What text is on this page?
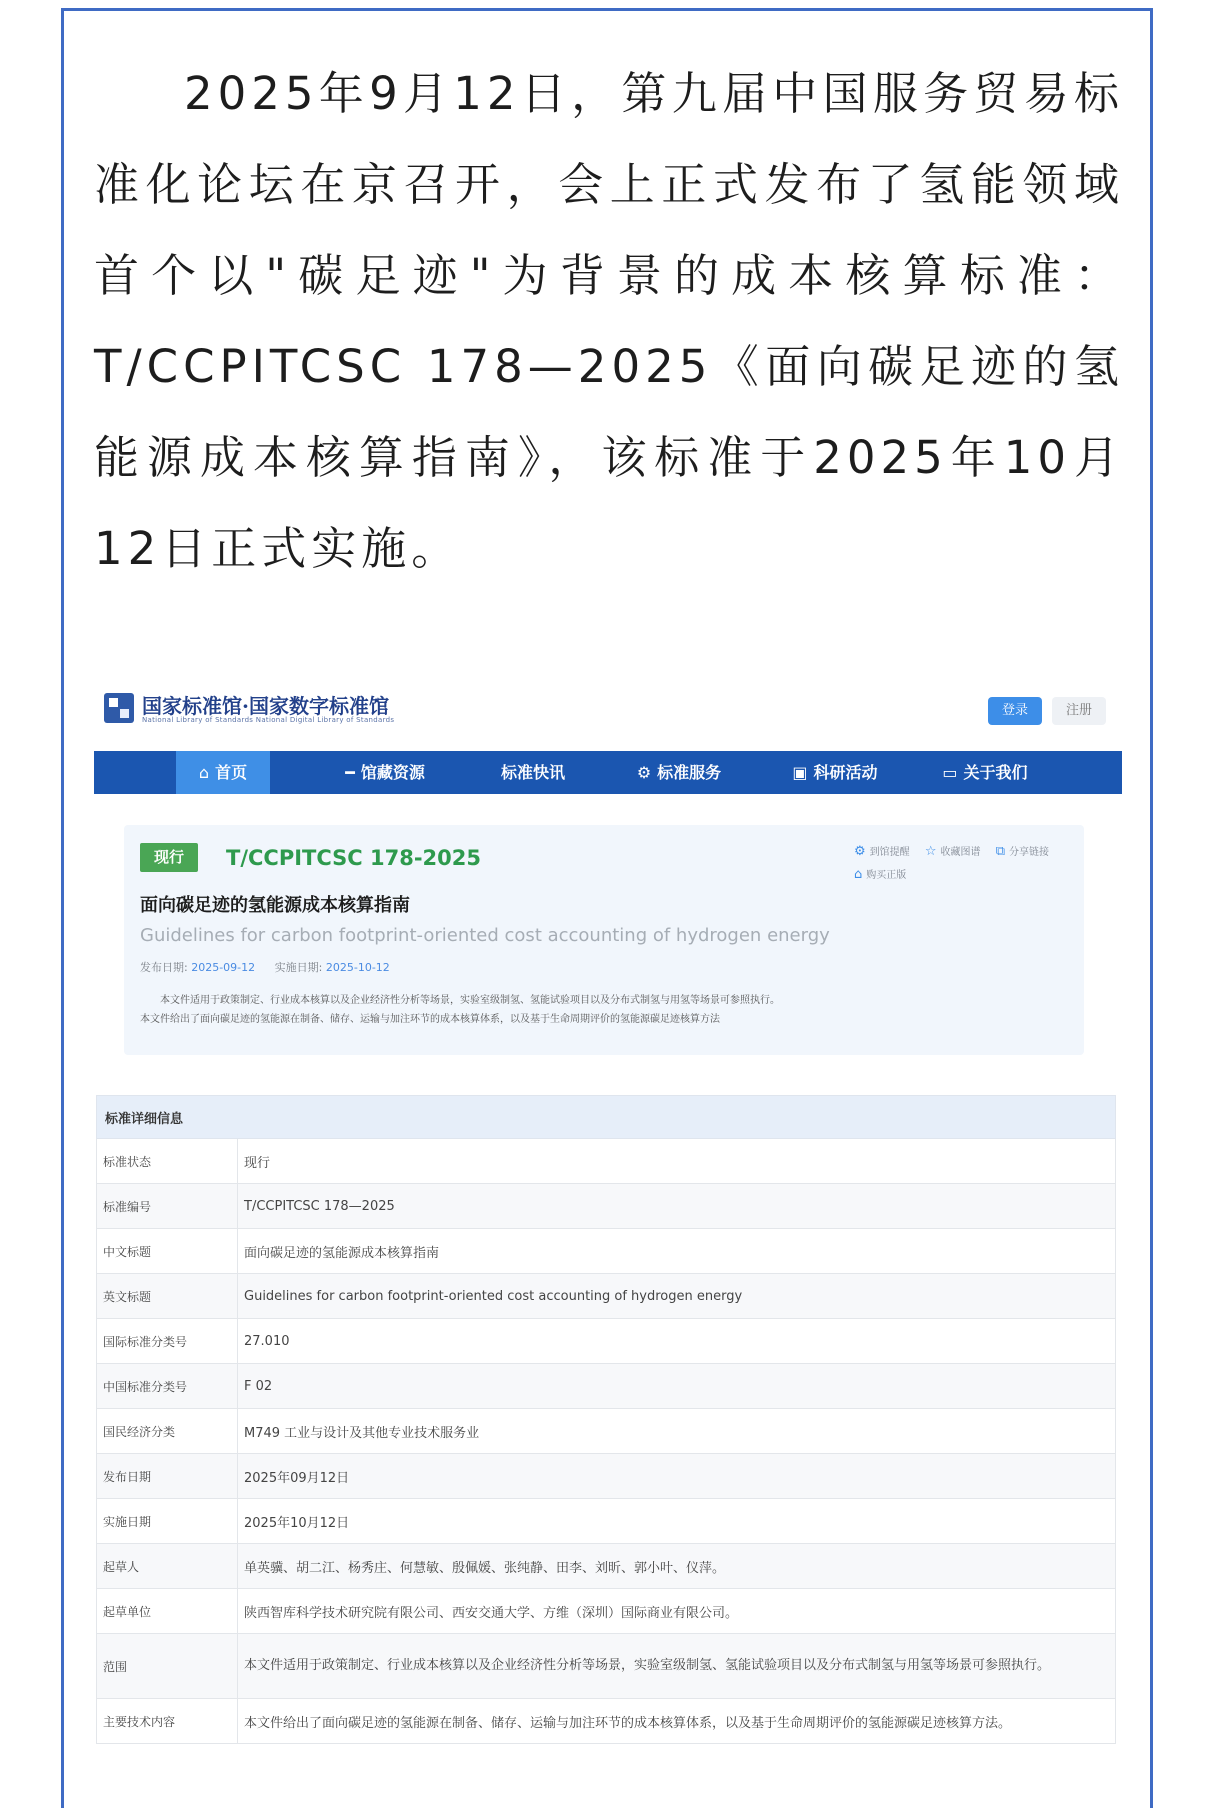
2025年9月12日，第九届中国服务贸易标准化论坛在京召开，会上正式发布了氢能领域首个以"碳足迹"为背景的成本核算标准：T/CCPITCSC 178—2025《面向碳足迹的氢能源成本核算指南》，该标准于2025年10月12日正式实施。

国家标准馆·国家数字标准馆
National Library of Standards National Digital Library of Standards
登录	注册
⌂ 首页	━ 馆藏资源	标准快讯	⚙ 标准服务	▣ 科研活动	▭ 关于我们
现行	T/CCPITCSC 178-2025	⚙ 到馆提醒 ☆ 收藏图谱 ⧉ 分享链接
⌂ 购买正版
面向碳足迹的氢能源成本核算指南
Guidelines for carbon footprint-oriented cost accounting of hydrogen energy
发布日期: 2025-09-12 实施日期: 2025-10-12
本文件适用于政策制定、行业成本核算以及企业经济性分析等场景，实验室级制氢、氢能试验项目以及分布式制氢与用氢等场景可参照执行。
本文件给出了面向碳足迹的氢能源在制备、储存、运输与加注环节的成本核算体系，以及基于生命周期评价的氢能源碳足迹核算方法
标准详细信息	
标准状态	现行
标准编号	T/CCPITCSC 178—2025
中文标题	面向碳足迹的氢能源成本核算指南
英文标题	Guidelines for carbon footprint-oriented cost accounting of hydrogen energy
国际标准分类号	27.010
中国标准分类号	F 02
国民经济分类	M749 工业与设计及其他专业技术服务业
发布日期	2025年09月12日
实施日期	2025年10月12日
起草人	单英骥、胡二江、杨秀庄、何慧敏、殷佩媛、张纯静、田李、刘昕、郭小叶、仪萍。
起草单位	陕西智库科学技术研究院有限公司、西安交通大学、方维（深圳）国际商业有限公司。
范围	本文件适用于政策制定、行业成本核算以及企业经济性分析等场景，实验室级制氢、氢能试验项目以及分布式制氢与用氢等场景可参照执行。
主要技术内容	本文件给出了面向碳足迹的氢能源在制备、储存、运输与加注环节的成本核算体系，以及基于生命周期评价的氢能源碳足迹核算方法。
